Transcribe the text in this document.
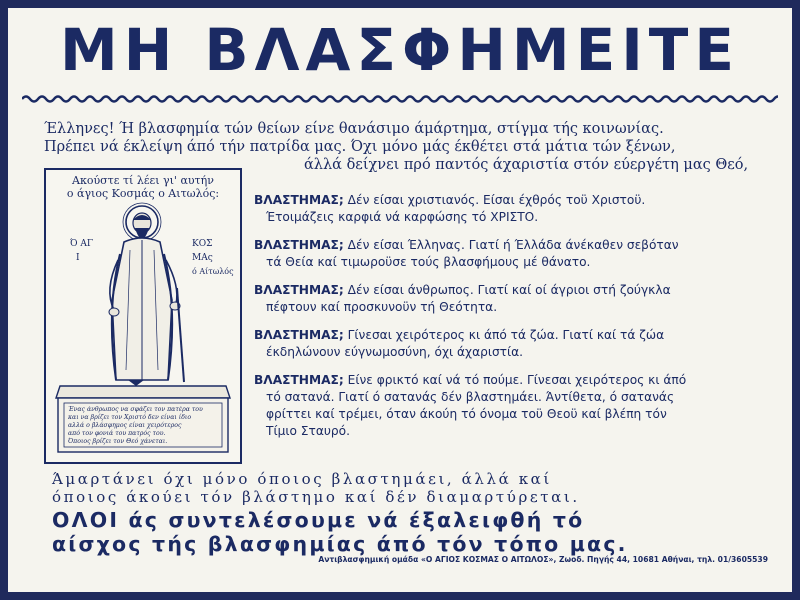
ΜΗ ΒΛΑΣΦΗΜΕΙΤΕ
Έλληνες! Ή βλασφημία τών θείων είνε θανάσιμο άμάρτημα, στίγμα τής κοινωνίας.
Πρέπει νά έκλείψη άπό τήν πατρίδα μας. Όχι μόνο μάς έκθέτει στά μάτια τών ξένων,
άλλά δείχνει πρό παντός άχαριστία στόν εύεργέτη μας Θεό,
Ακούστε τί λέει γι' αυτήν
ο άγιος Κοσμάς ο Αιτωλός:
Ό ΑΓ
Ι
ΚΟΣ
ΜΑς
ό Αίτωλός
Ένας άνθρωπος να σφάζει τον πατέρα του
και να βρίζει τον Χριστό δεν είναι ίδιο
αλλά ο βλάσφημος είναι χειρότερος
από τον φονιά του πατρός του.
Όποιος βρίζει τον Θεό χάνεται.
ΒΛΑΣΤΗΜΑΣ; Δέν είσαι χριστιανός. Είσαι έχθρός τοϋ Χριστοϋ.
Έτοιμάζεις καρφιά νά καρφώσης τό ΧΡΙΣΤΟ.
ΒΛΑΣΤΗΜΑΣ; Δέν είσαι Έλληνας. Γιατί ή Έλλάδα άνέκαθεν σεβόταν
τά Θεία καί τιμωροϋσε τούς βλασφήμους μέ θάνατο.
ΒΛΑΣΤΗΜΑΣ; Δέν είσαι άνθρωπος. Γιατί καί οί άγριοι στή ζούγκλα
πέφτουν καί προσκυνοϋν τή Θεότητα.
ΒΛΑΣΤΗΜΑΣ; Γίνεσαι χειρότερος κι άπό τά ζώα. Γιατί καί τά ζώα
έκδηλώνουν εύγνωμοσύνη, όχι άχαριστία.
ΒΛΑΣΤΗΜΑΣ; Είνε φρικτό καί νά τό πούμε. Γίνεσαι χειρότερος κι άπό
τό σατανά. Γιατί ό σατανάς δέν βλαστημάει. Άντίθετα, ό σατανάς
φρίττει καί τρέμει, όταν άκούη τό όνομα τοϋ Θεοϋ καί βλέπη τόν
Τίμιο Σταυρό.
Άμαρτάνει όχι μόνο όποιος βλαστημάει, άλλά καί
όποιος άκούει τόν βλάστημο καί δέν διαμαρτύρεται.
ΟΛΟΙ άς συντελέσουμε νά έξαλειφθή τό
αίσχος τής βλασφημίας άπό τόν τόπο μας.
Αντιβλασφημική ομάδα «Ο ΑΓΙΟΣ ΚΟΣΜΑΣ Ο ΑΙΤΩΛΟΣ», Ζωοδ. Πηγής 44, 10681 Αθήναι, τηλ. 01/3605539
